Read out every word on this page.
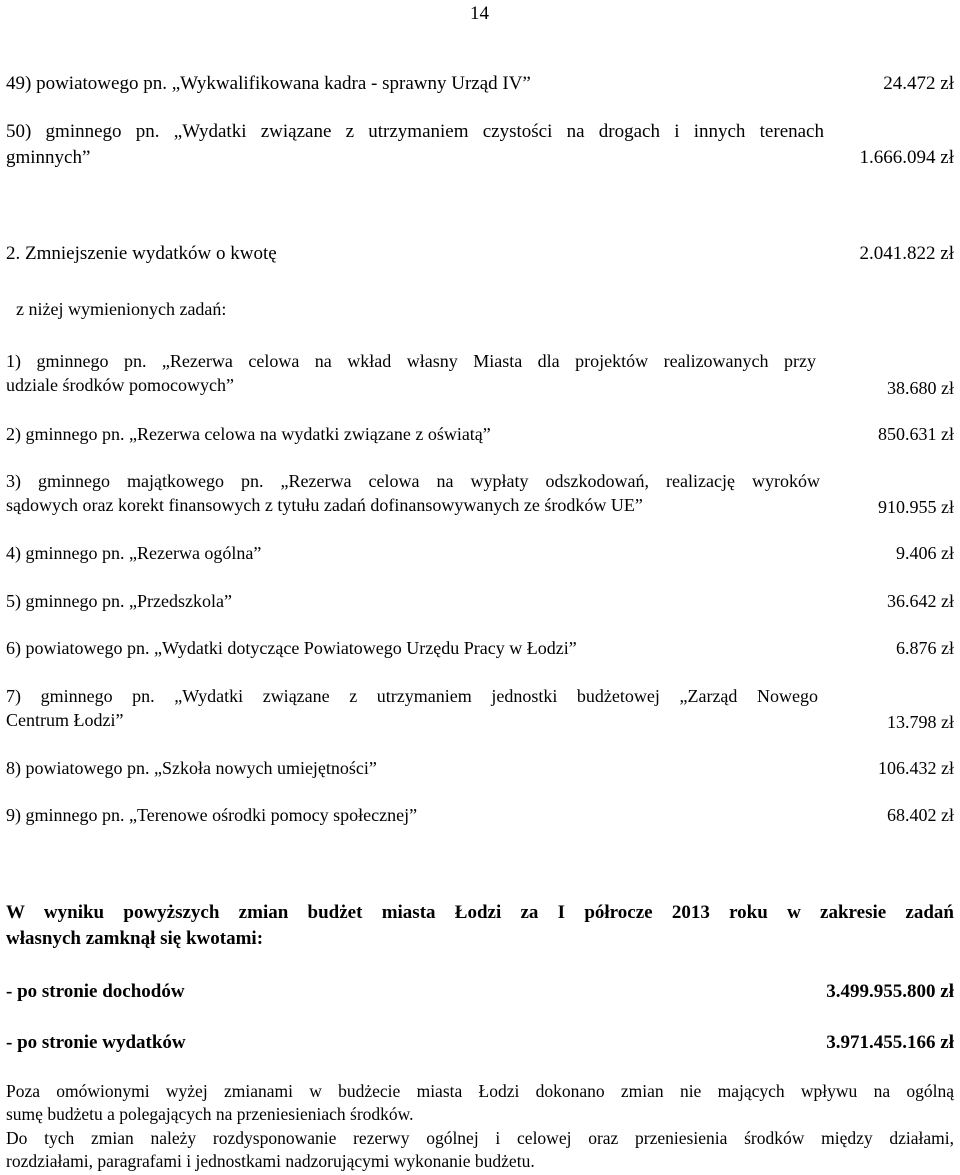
14
49) powiatowego pn. „Wykwalifikowana kadra - sprawny Urząd IV”	24.472 zł
50) gminnego pn. „Wydatki związane z utrzymaniem czystości na drogach i innych terenach
gminnych”	1.666.094 zł
2. Zmniejszenie wydatków o kwotę	2.041.822 zł
z niżej wymienionych zadań:
1) gminnego pn. „Rezerwa celowa na wkład własny Miasta dla projektów realizowanych przy
udziale środków pomocowych”	38.680 zł
2) gminnego pn. „Rezerwa celowa na wydatki związane z oświatą”	850.631 zł
3) gminnego majątkowego pn. „Rezerwa celowa na wypłaty odszkodowań, realizację wyroków
sądowych oraz korekt finansowych z tytułu zadań dofinansowywanych ze środków UE”	910.955 zł
4) gminnego pn. „Rezerwa ogólna”	9.406 zł
5) gminnego pn. „Przedszkola”	36.642 zł
6) powiatowego pn. „Wydatki dotyczące Powiatowego Urzędu Pracy w Łodzi”	6.876 zł
7) gminnego pn. „Wydatki związane z utrzymaniem jednostki budżetowej „Zarząd Nowego
Centrum Łodzi”	13.798 zł
8) powiatowego pn. „Szkoła nowych umiejętności”	106.432 zł
9) gminnego pn. „Terenowe ośrodki pomocy społecznej”	68.402 zł
W wyniku powyższych zmian budżet miasta Łodzi za I półrocze 2013 roku w zakresie zadań
własnych zamknął się kwotami:
- po stronie dochodów	3.499.955.800 zł
- po stronie wydatków	3.971.455.166 zł
Poza omówionymi wyżej zmianami w budżecie miasta Łodzi dokonano zmian nie mających wpływu na ogólną
sumę budżetu a polegających na przeniesieniach środków.
Do tych zmian należy rozdysponowanie rezerwy ogólnej i celowej oraz przeniesienia środków między działami,
rozdziałami, paragrafami i jednostkami nadzorującymi wykonanie budżetu.
